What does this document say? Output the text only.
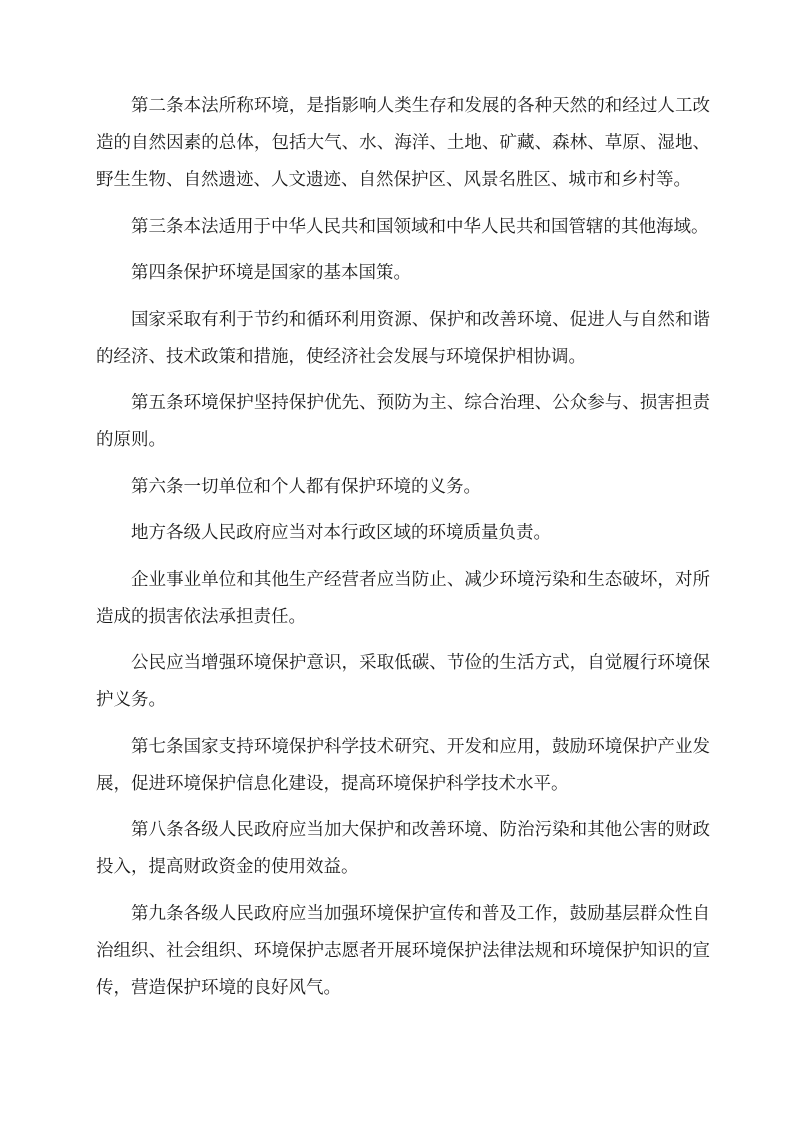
第二条本法所称环境，是指影响人类生存和发展的各种天然的和经过人工改造的自然因素的总体，包括大气、水、海洋、土地、矿藏、森林、草原、湿地、野生生物、自然遗迹、人文遗迹、自然保护区、风景名胜区、城市和乡村等。

第三条本法适用于中华人民共和国领域和中华人民共和国管辖的其他海域。

第四条保护环境是国家的基本国策。

国家采取有利于节约和循环利用资源、保护和改善环境、促进人与自然和谐的经济、技术政策和措施，使经济社会发展与环境保护相协调。

第五条环境保护坚持保护优先、预防为主、综合治理、公众参与、损害担责的原则。

第六条一切单位和个人都有保护环境的义务。

地方各级人民政府应当对本行政区域的环境质量负责。

企业事业单位和其他生产经营者应当防止、减少环境污染和生态破坏，对所造成的损害依法承担责任。

公民应当增强环境保护意识，采取低碳、节俭的生活方式，自觉履行环境保护义务。

第七条国家支持环境保护科学技术研究、开发和应用，鼓励环境保护产业发展，促进环境保护信息化建设，提高环境保护科学技术水平。

第八条各级人民政府应当加大保护和改善环境、防治污染和其他公害的财政投入，提高财政资金的使用效益。

第九条各级人民政府应当加强环境保护宣传和普及工作，鼓励基层群众性自治组织、社会组织、环境保护志愿者开展环境保护法律法规和环境保护知识的宣传，营造保护环境的良好风气。
